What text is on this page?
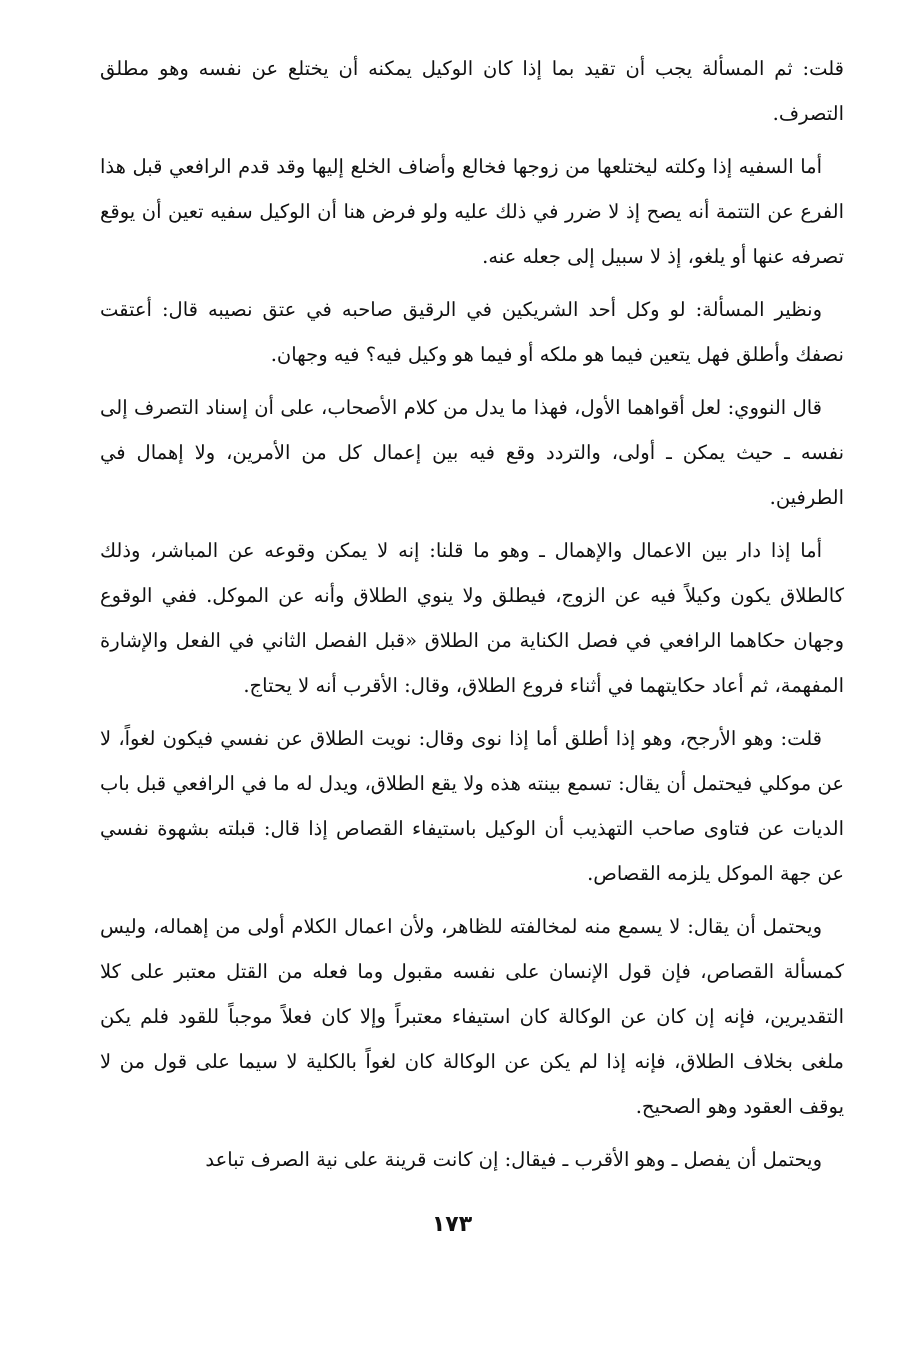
قلت: ثم المسألة يجب أن تقيد بما إذا كان الوكيل يمكنه أن يختلع عن نفسه وهو مطلق التصرف.

أما السفيه إذا وكلته ليختلعها من زوجها فخالع وأضاف الخلع إليها وقد قدم الرافعي قبل هذا الفرع عن التتمة أنه يصح إذ لا ضرر في ذلك عليه ولو فرض هنا أن الوكيل سفيه تعين أن يوقع تصرفه عنها أو يلغو، إذ لا سبيل إلى جعله عنه.

ونظير المسألة: لو وكل أحد الشريكين في الرقيق صاحبه في عتق نصيبه قال: أعتقت نصفك وأطلق فهل يتعين فيما هو ملكه أو فيما هو وكيل فيه؟ فيه وجهان.

قال النووي: لعل أقواهما الأول، فهذا ما يدل من كلام الأصحاب، على أن إسناد التصرف إلى نفسه ـ حيث يمكن ـ أولى، والتردد وقع فيه بين إعمال كل من الأمرين، ولا إهمال في الطرفين.

أما إذا دار بين الاعمال والإهمال ـ وهو ما قلنا: إنه لا يمكن وقوعه عن المباشر، وذلك كالطلاق يكون وكيلاً فيه عن الزوج، فيطلق ولا ينوي الطلاق وأنه عن الموكل. ففي الوقوع وجهان حكاهما الرافعي في فصل الكناية من الطلاق «قبل الفصل الثاني في الفعل والإشارة المفهمة، ثم أعاد حكايتهما في أثناء فروع الطلاق، وقال: الأقرب أنه لا يحتاج.

قلت: وهو الأرجح، وهو إذا أطلق أما إذا نوى وقال: نويت الطلاق عن نفسي فيكون لغواً، لا عن موكلي فيحتمل أن يقال: تسمع بينته هذه ولا يقع الطلاق، ويدل له ما في الرافعي قبل باب الديات عن فتاوى صاحب التهذيب أن الوكيل باستيفاء القصاص إذا قال: قبلته بشهوة نفسي عن جهة الموكل يلزمه القصاص.

ويحتمل أن يقال: لا يسمع منه لمخالفته للظاهر، ولأن اعمال الكلام أولى من إهماله، وليس كمسألة القصاص، فإن قول الإنسان على نفسه مقبول وما فعله من القتل معتبر على كلا التقديرين، فإنه إن كان عن الوكالة كان استيفاء معتبراً وإلا كان فعلاً موجباً للقود فلم يكن ملغى بخلاف الطلاق، فإنه إذا لم يكن عن الوكالة كان لغواً بالكلية لا سيما على قول من لا يوقف العقود وهو الصحيح.

ويحتمل أن يفصل ـ وهو الأقرب ـ فيقال: إن كانت قرينة على نية الصرف تباعد

١٧٣
